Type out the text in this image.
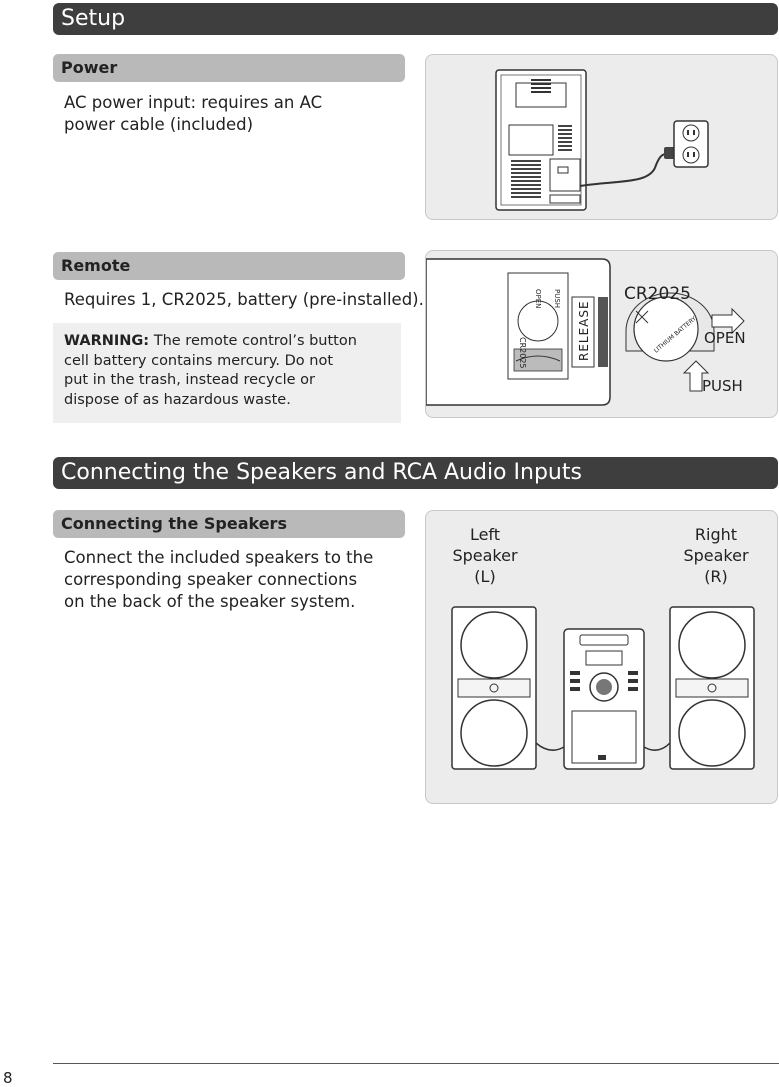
Setup
Power
AC power input: requires an AC
power cable (included)
Remote
Requires 1, CR2025, battery (pre-installed).
WARNING: The remote control’s button
cell battery contains mercury. Do not
put in the trash, instead recycle or
dispose of as hazardous waste.
CR2025
OPEN PUSH
RELEASE	LITHIUM BATTERY
CR2025
OPEN
PUSH
Connecting the Speakers and RCA Audio Inputs
Connecting the Speakers
Connect the included speakers to the
corresponding speaker connections
on the back of the speaker system.
Left
Speaker
(L)
Right
Speaker
(R)
8
